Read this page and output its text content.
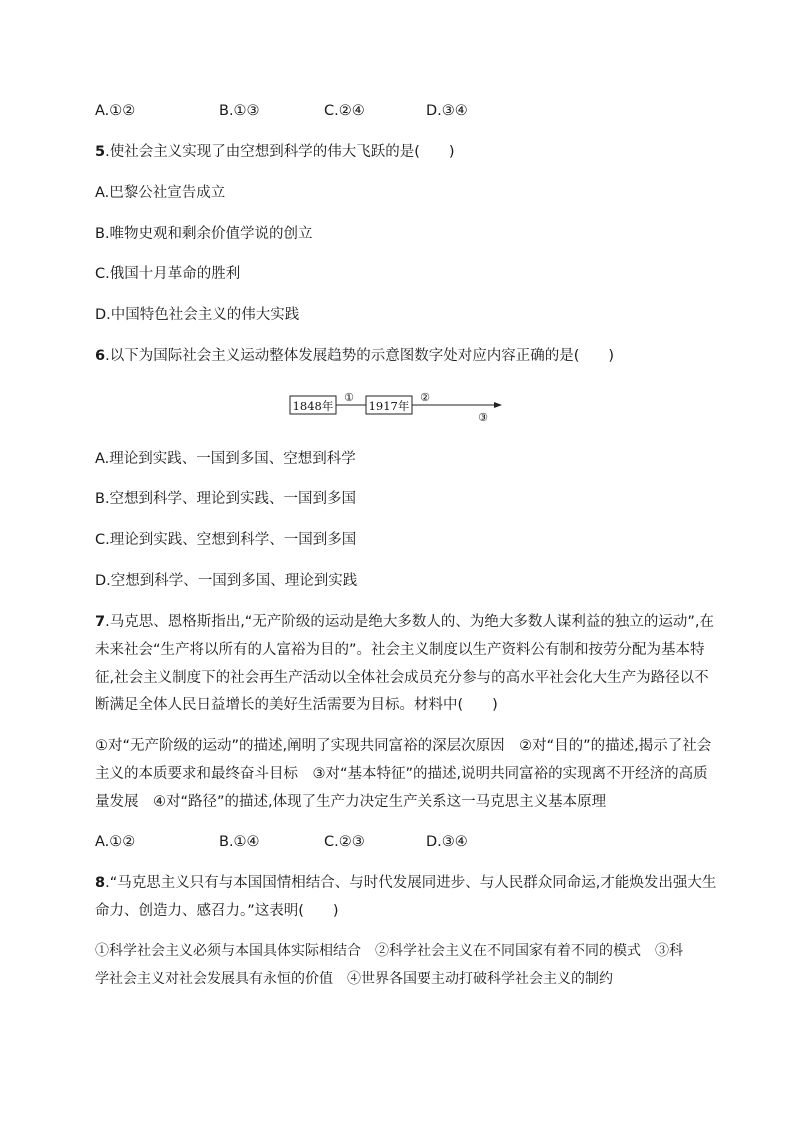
A.①②	B.①③	C.②④	D.③④
5.使社会主义实现了由空想到科学的伟大飞跃的是(　　)
A.巴黎公社宣告成立
B.唯物史观和剩余价值学说的创立
C.俄国十月革命的胜利
D.中国特色社会主义的伟大实践
6.以下为国际社会主义运动整体发展趋势的示意图数字处对应内容正确的是(　　)
1848年	1917年
①	②
③
A.理论到实践、一国到多国、空想到科学
B.空想到科学、理论到实践、一国到多国
C.理论到实践、空想到科学、一国到多国
D.空想到科学、一国到多国、理论到实践
7.马克思、恩格斯指出,“无产阶级的运动是绝大多数人的、为绝大多数人谋利益的独立的运动”,在
未来社会“生产将以所有的人富裕为目的”。社会主义制度以生产资料公有制和按劳分配为基本特
征,社会主义制度下的社会再生产活动以全体社会成员充分参与的高水平社会化大生产为路径以不
断满足全体人民日益增长的美好生活需要为目标。材料中(　　)
①对“无产阶级的运动”的描述,阐明了实现共同富裕的深层次原因　②对“目的”的描述,揭示了社会
主义的本质要求和最终奋斗目标　③对“基本特征”的描述,说明共同富裕的实现离不开经济的高质
量发展　④对“路径”的描述,体现了生产力决定生产关系这一马克思主义基本原理
A.①②	B.①④	C.②③	D.③④
8.“马克思主义只有与本国国情相结合、与时代发展同进步、与人民群众同命运,才能焕发出强大生
命力、创造力、感召力。”这表明(　　)
①科学社会主义必须与本国具体实际相结合　②科学社会主义在不同国家有着不同的模式　③科
学社会主义对社会发展具有永恒的价值　④世界各国要主动打破科学社会主义的制约
